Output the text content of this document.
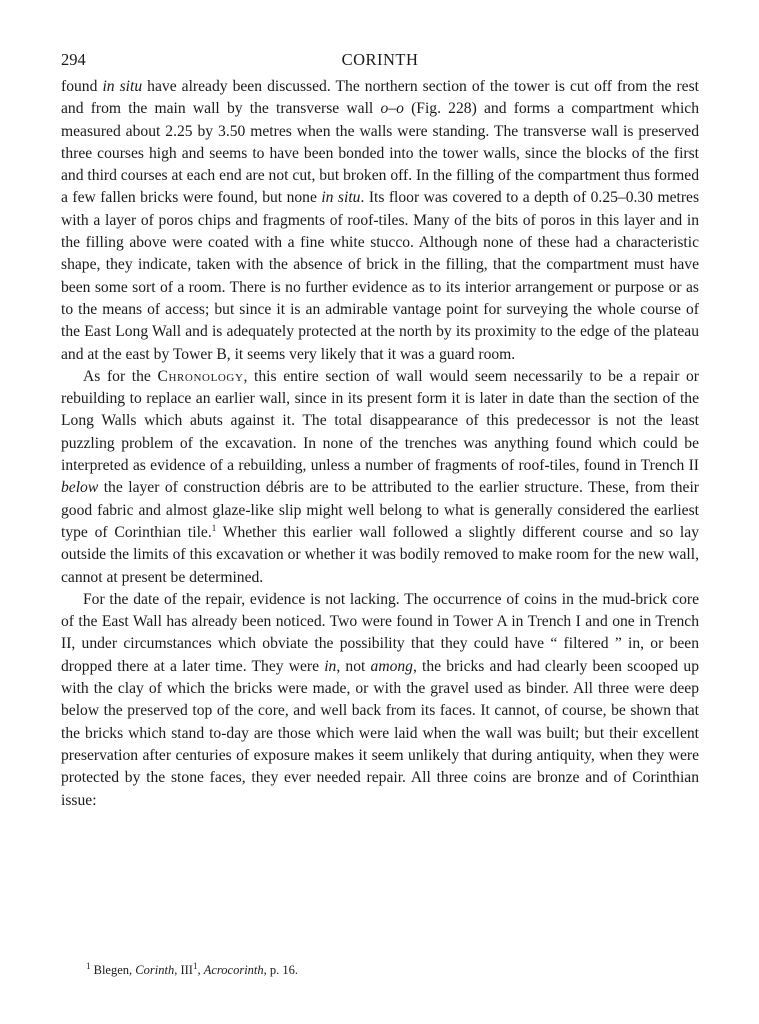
294	CORINTH

found in situ have already been discussed. The northern section of the tower is cut off from the rest and from the main wall by the transverse wall o–o (Fig. 228) and forms a compartment which measured about 2.25 by 3.50 metres when the walls were standing. The transverse wall is preserved three courses high and seems to have been bonded into the tower walls, since the blocks of the first and third courses at each end are not cut, but broken off. In the filling of the compartment thus formed a few fallen bricks were found, but none in situ. Its floor was covered to a depth of 0.25–0.30 metres with a layer of poros chips and fragments of roof-tiles. Many of the bits of poros in this layer and in the filling above were coated with a fine white stucco. Although none of these had a characteristic shape, they indicate, taken with the absence of brick in the filling, that the compartment must have been some sort of a room. There is no further evidence as to its interior arrangement or purpose or as to the means of access; but since it is an admirable vantage point for surveying the whole course of the East Long Wall and is adequately protected at the north by its proximity to the edge of the plateau and at the east by Tower B, it seems very likely that it was a guard room.

As for the Chronology, this entire section of wall would seem necessarily to be a repair or rebuilding to replace an earlier wall, since in its present form it is later in date than the section of the Long Walls which abuts against it. The total disappearance of this predecessor is not the least puzzling problem of the excavation. In none of the trenches was anything found which could be interpreted as evidence of a rebuilding, unless a number of fragments of roof-tiles, found in Trench II below the layer of construction débris are to be attributed to the earlier structure. These, from their good fabric and almost glaze-like slip might well belong to what is generally considered the earliest type of Corinthian tile.$^1$ Whether this earlier wall followed a slightly different course and so lay outside the limits of this excavation or whether it was bodily removed to make room for the new wall, cannot at present be determined.

For the date of the repair, evidence is not lacking. The occurrence of coins in the mud-brick core of the East Wall has already been noticed. Two were found in Tower A in Trench I and one in Trench II, under circumstances which obviate the possibility that they could have “ filtered ” in, or been dropped there at a later time. They were in, not among, the bricks and had clearly been scooped up with the clay of which the bricks were made, or with the gravel used as binder. All three were deep below the preserved top of the core, and well back from its faces. It cannot, of course, be shown that the bricks which stand to-day are those which were laid when the wall was built; but their excellent preservation after centuries of exposure makes it seem unlikely that during antiquity, when they were protected by the stone faces, they ever needed repair. All three coins are bronze and of Corinthian issue:

$^1$ Blegen, Corinth, III$^1$, Acrocorinth, p. 16.
